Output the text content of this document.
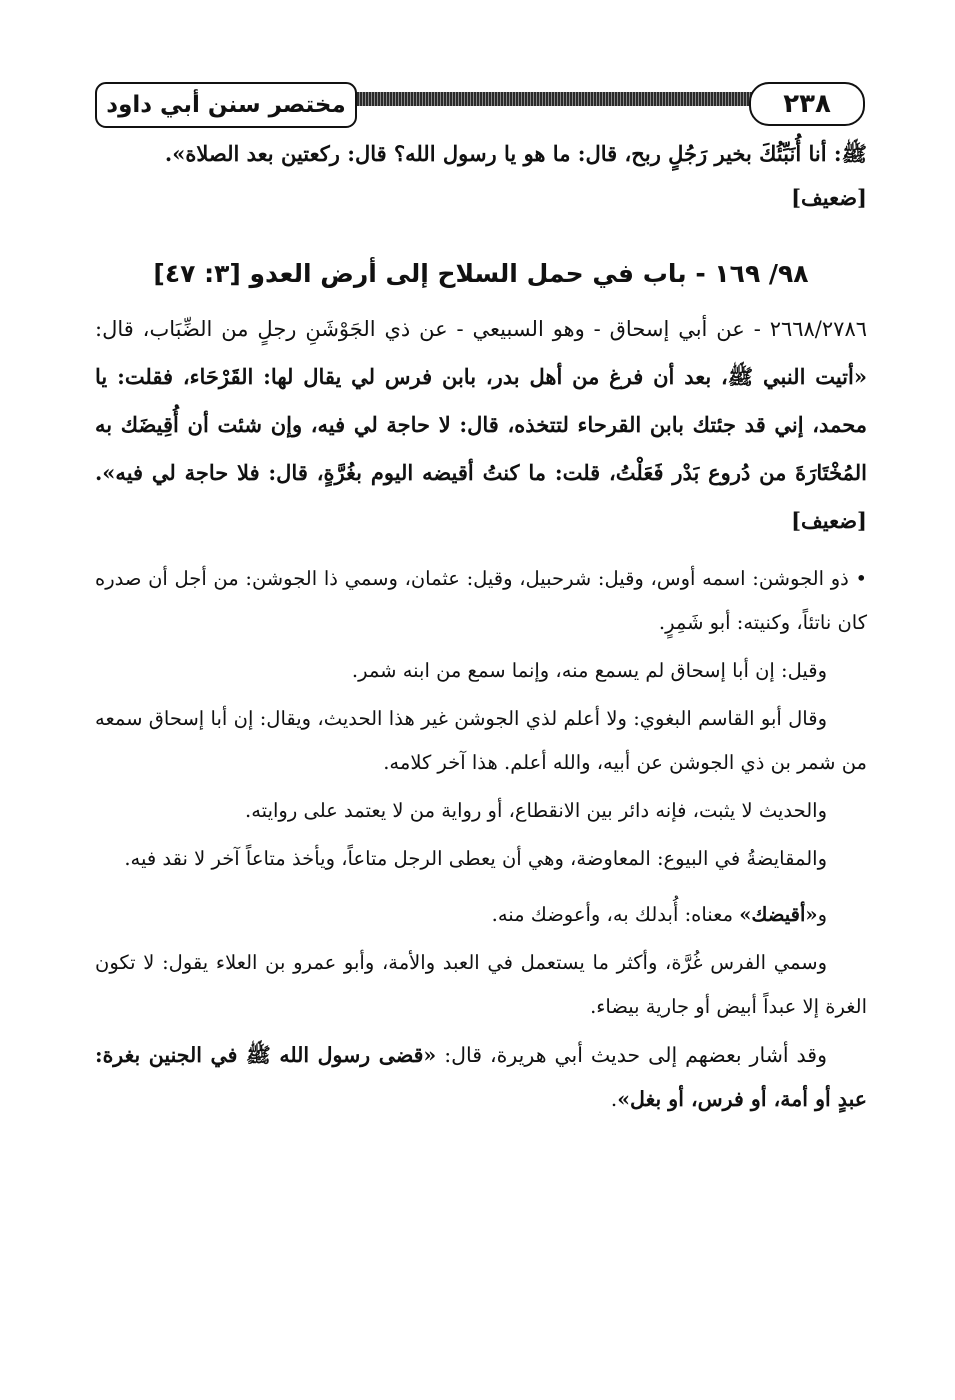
مختصر سنن أبي داود	٢٣٨

ﷺ: أنا أُنَبِّئُكَ بخير رَجُلٍ ربح، قال: ما هو يا رسول الله؟ قال: ركعتين بعد الصلاة».

[ضعيف]

٩٨/ ١٦٩ - باب في حمل السلاح إلى أرض العدو [٣: ٤٧]

٢٦٦٨/٢٧٨٦ - عن أبي إسحاق - وهو السبيعي - عن ذي الجَوْشَنِ رجلٍ من الضِّبَاب، قال: «أتيت النبي ﷺ، بعد أن فرغ من أهل بدر، بابن فرس لي يقال لها: القَرْحَاء، فقلت: يا محمد، إني قد جئتك بابن القرحاء لتتخذه، قال: لا حاجة لي فيه، وإن شئت أن أُقِيضَك به المُخْتَارَةَ من دُروع بَدْر فَعَلْتُ، قلت: ما كنتُ أقيضه اليوم بغُرَّةٍ، قال: فلا حاجة لي فيه». [ضعيف]

• ذو الجوشن: اسمه أوس، وقيل: شرحبيل، وقيل: عثمان، وسمي ذا الجوشن: من أجل أن صدره كان ناتئاً، وكنيته: أبو شَمِرٍ.

وقيل: إن أبا إسحاق لم يسمع منه، وإنما سمع من ابنه شمر.

وقال أبو القاسم البغوي: ولا أعلم لذي الجوشن غير هذا الحديث، ويقال: إن أبا إسحاق سمعه من شمر بن ذي الجوشن عن أبيه، والله أعلم. هذا آخر كلامه.

والحديث لا يثبت، فإنه دائر بين الانقطاع، أو رواية من لا يعتمد على روايته.

والمقايضةُ في البيوع: المعاوضة، وهي أن يعطى الرجل متاعاً، ويأخذ متاعاً آخر لا نقد فيه.

و«أقيضك» معناه: أُبدلك به، وأعوضك منه.

وسمي الفرس غُرَّة، وأكثر ما يستعمل في العبد والأمة، وأبو عمرو بن العلاء يقول: لا تكون الغرة إلا عبداً أبيض أو جارية بيضاء.

وقد أشار بعضهم إلى حديث أبي هريرة، قال: «قضى رسول الله ﷺ في الجنين بغرة: عبدٍ أو أمة، أو فرس، أو بغل».
